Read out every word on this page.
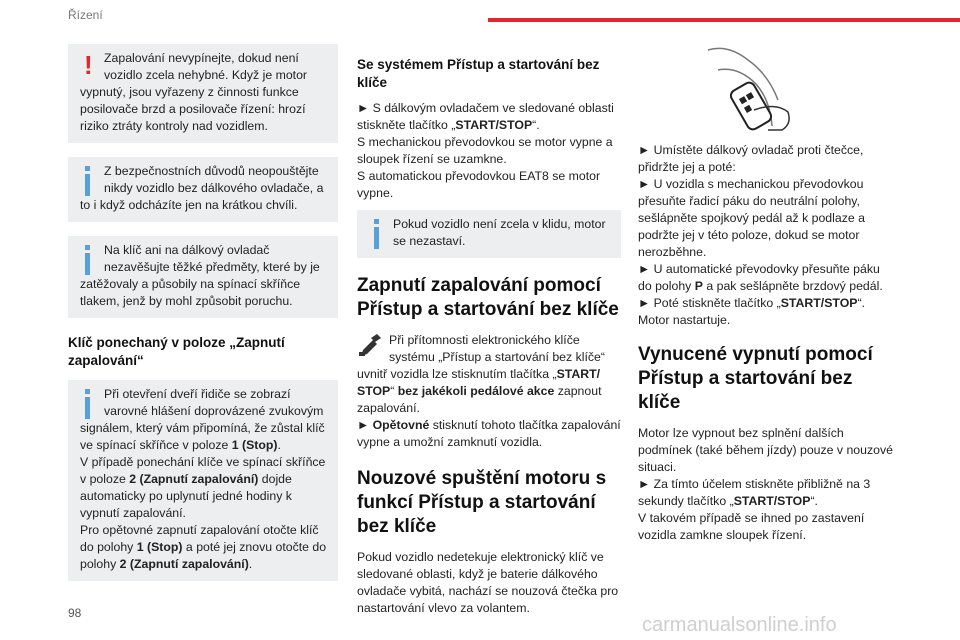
Řízení
! Zapalování nevypínejte, dokud není vozidlo zcela nehybné. Když je motor vypnutý, jsou vyřazeny z činnosti funkce posilovače brzd a posilovače řízení: hrozí riziko ztráty kontroly nad vozidlem.
Z bezpečnostních důvodů neopouštějte nikdy vozidlo bez dálkového ovladače, a to i když odcházíte jen na krátkou chvíli.
Na klíč ani na dálkový ovladač nezavěšujte těžké předměty, které by je zatěžovaly a působily na spínací skříňce tlakem, jenž by mohl způsobit poruchu.
Klíč ponechaný v poloze „Zapnutí zapalování“
Při otevření dveří řidiče se zobrazí varovné hlášení doprovázené zvukovým signálem, který vám připomíná, že zůstal klíč ve spínací skříňce v poloze 1 (Stop).
V případě ponechání klíče ve spínací skříňce v poloze 2 (Zapnutí zapalování) dojde automaticky po uplynutí jedné hodiny k vypnutí zapalování.
Pro opětovné zapnutí zapalování otočte klíč do polohy 1 (Stop) a poté jej znovu otočte do polohy 2 (Zapnutí zapalování).
Se systémem Přístup a startování bez klíče

► S dálkovým ovladačem ve sledované oblasti stiskněte tlačítko „START/STOP“.

S mechanickou převodovkou se motor vypne a sloupek řízení se uzamkne.

S automatickou převodovkou EAT8 se motor vypne.

Pokud vozidlo není zcela v klidu, motor se nezastaví.
Zapnutí zapalování pomocí Přístup a startování bez klíče
Při přítomnosti elektronického klíče systému „Přístup a startování bez klíče“ uvnitř vozidla lze stisknutím tlačítka „START/ STOP“ bez jakékoli pedálové akce zapnout zapalování.

► Opětovné stisknutí tohoto tlačítka zapalování vypne a umožní zamknutí vozidla.

Nouzové spuštění motoru s funkcí Přístup a startování bez klíče

Pokud vozidlo nedetekuje elektronický klíč ve sledované oblasti, když je baterie dálkového ovladače vybitá, nachází se nouzová čtečka pro nastartování vlevo za volantem.

► Umístěte dálkový ovladač proti čtečce, přidržte jej a poté:

► U vozidla s mechanickou převodovkou přesuňte řadicí páku do neutrální polohy, sešlápněte spojkový pedál až k podlaze a podržte jej v této poloze, dokud se motor nerozběhne.

► U automatické převodovky přesuňte páku do polohy P a pak sešlápněte brzdový pedál.

► Poté stiskněte tlačítko „START/STOP“.

Motor nastartuje.

Vynucené vypnutí pomocí Přístup a startování bez klíče

Motor lze vypnout bez splnění dalších podmínek (také během jízdy) pouze v nouzové situaci.

► Za tímto účelem stiskněte přibližně na 3 sekundy tlačítko „START/STOP“.

V takovém případě se ihned po zastavení vozidla zamkne sloupek řízení.

98
carmanualsonline.info
